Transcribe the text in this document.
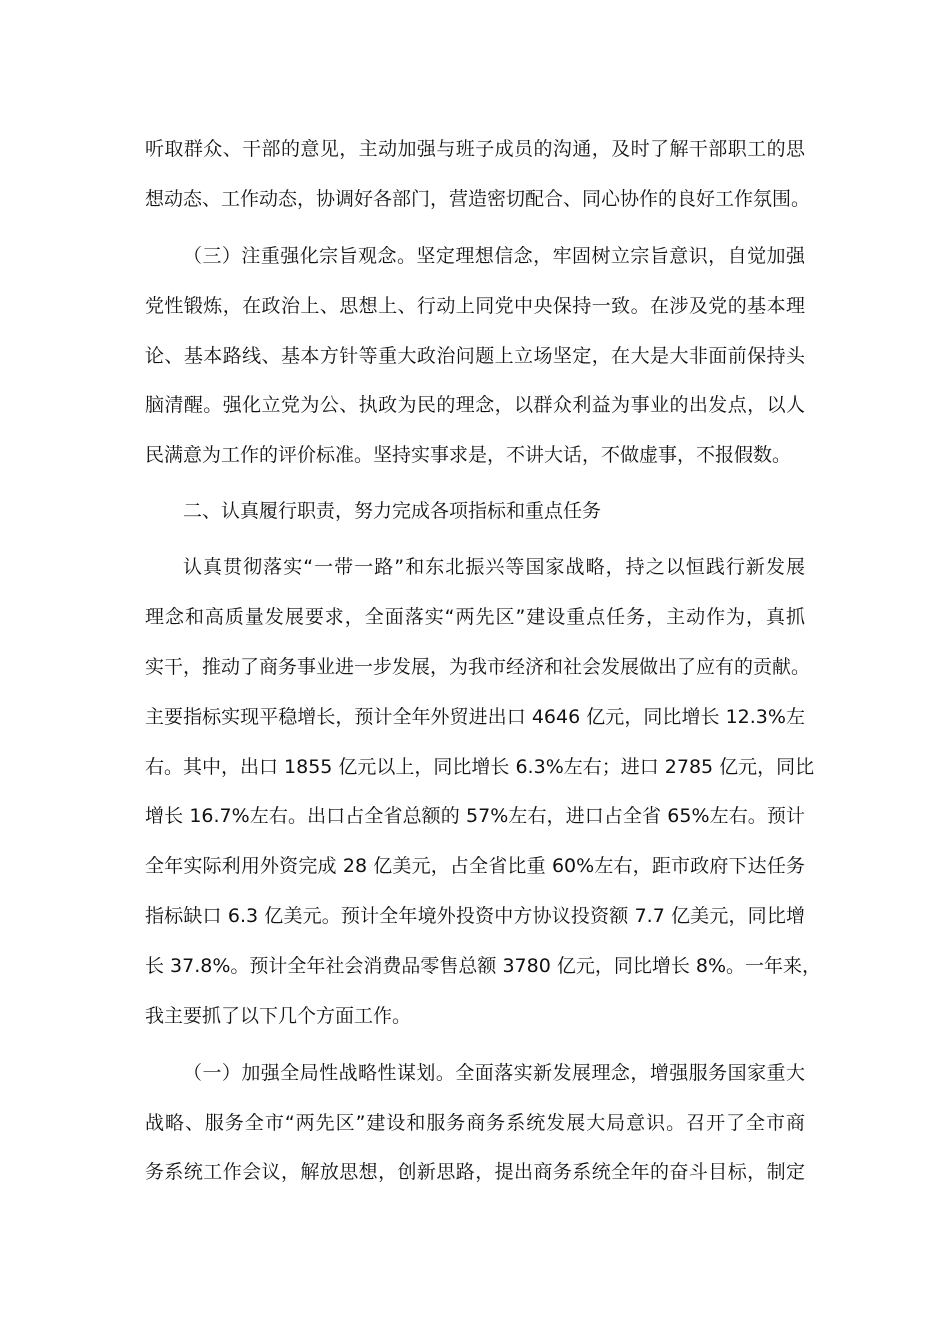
听取群众、干部的意见，主动加强与班子成员的沟通，及时了解干部职工的思
想动态、工作动态，协调好各部门，营造密切配合、同心协作的良好工作氛围。
（三）注重强化宗旨观念。坚定理想信念，牢固树立宗旨意识，自觉加强
党性锻炼，在政治上、思想上、行动上同党中央保持一致。在涉及党的基本理
论、基本路线、基本方针等重大政治问题上立场坚定，在大是大非面前保持头
脑清醒。强化立党为公、执政为民的理念，以群众利益为事业的出发点，以人
民满意为工作的评价标准。坚持实事求是，不讲大话，不做虚事，不报假数。
二、认真履行职责，努力完成各项指标和重点任务
认真贯彻落实“一带一路”和东北振兴等国家战略，持之以恒践行新发展
理念和高质量发展要求，全面落实“两先区”建设重点任务，主动作为，真抓
实干，推动了商务事业进一步发展，为我市经济和社会发展做出了应有的贡献。
主要指标实现平稳增长，预计全年外贸进出口 4646 亿元，同比增长 12.3%左
右。其中，出口 1855 亿元以上，同比增长 6.3%左右；进口 2785 亿元，同比
增长 16.7%左右。出口占全省总额的 57%左右，进口占全省 65%左右。预计
全年实际利用外资完成 28 亿美元，占全省比重 60%左右，距市政府下达任务
指标缺口 6.3 亿美元。预计全年境外投资中方协议投资额 7.7 亿美元，同比增
长 37.8%。预计全年社会消费品零售总额 3780 亿元，同比增长 8%。一年来，
我主要抓了以下几个方面工作。
（一）加强全局性战略性谋划。全面落实新发展理念，增强服务国家重大
战略、服务全市“两先区”建设和服务商务系统发展大局意识。召开了全市商
务系统工作会议，解放思想，创新思路，提出商务系统全年的奋斗目标，制定
